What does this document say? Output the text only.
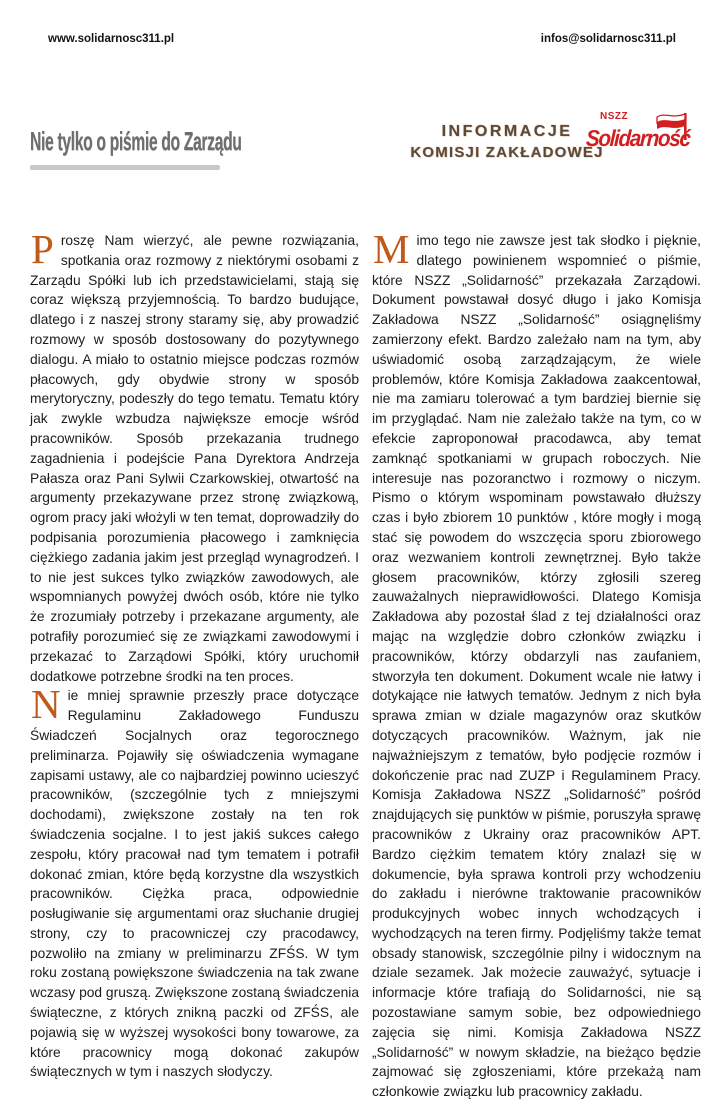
www.solidarnosc311.pl	infos@solidarnosc311.pl
Nie tylko o piśmie do Zarządu	INFORMACJE
KOMISJI ZAKŁADOWEJ
NSZZ
Solidarność

Proszę Nam wierzyć, ale pewne rozwiązania, spotkania oraz rozmowy z niektórymi osobami z Zarządu Spółki lub ich przedstawicielami, stają się coraz większą przyjemnością. To bardzo budujące, dlatego i z naszej strony staramy się, aby prowadzić rozmowy w sposób dostosowany do pozytywnego dialogu. A miało to ostatnio miejsce podczas rozmów płacowych, gdy obydwie strony w sposób merytoryczny, podeszły do tego tematu. Tematu który jak zwykle wzbudza największe emocje wśród pracowników. Sposób przekazania trudnego zagadnienia i podejście Pana Dyrektora Andrzeja Pałasza oraz Pani Sylwii Czarkowskiej, otwartość na argumenty przekazywane przez stronę związkową, ogrom pracy jaki włożyli w ten temat, doprowadziły do podpisania porozumienia płacowego i zamknięcia ciężkiego zadania jakim jest przegląd wynagrodzeń. I to nie jest sukces tylko związków zawodowych, ale wspomnianych powyżej dwóch osób, które nie tylko że zrozumiały potrzeby i przekazane argumenty, ale potrafiły porozumieć się ze związkami zawodowymi i przekazać to Zarządowi Spółki, który uruchomił dodatkowe potrzebne środki na ten proces.

Nie mniej sprawnie przeszły prace dotyczące Regulaminu Zakładowego Funduszu Świadczeń Socjalnych oraz tegorocznego preliminarza. Pojawiły się oświadczenia wymagane zapisami ustawy, ale co najbardziej powinno ucieszyć pracowników, (szczególnie tych z mniejszymi dochodami), zwiększone zostały na ten rok świadczenia socjalne. I to jest jakiś sukces całego zespołu, który pracował nad tym tematem i potrafił dokonać zmian, które będą korzystne dla wszystkich pracowników. Ciężka praca, odpowiednie posługiwanie się argumentami oraz słuchanie drugiej strony, czy to pracowniczej czy pracodawcy, pozwoliło na zmiany w preliminarzu ZFŚS. W tym roku zostaną powiększone świadczenia na tak zwane wczasy pod gruszą. Zwiększone zostaną świadczenia świąteczne, z których znikną paczki od ZFŚS, ale pojawią się w wyższej wysokości bony towarowe, za które pracownicy mogą dokonać zakupów świątecznych w tym i naszych słodyczy.

Mimo tego nie zawsze jest tak słodko i pięknie, dlatego powinienem wspomnieć o piśmie, które NSZZ „Solidarność” przekazała Zarządowi. Dokument powstawał dosyć długo i jako Komisja Zakładowa NSZZ „Solidarność” osiągnęliśmy zamierzony efekt. Bardzo zależało nam na tym, aby uświadomić osobą zarządzającym, że wiele problemów, które Komisja Zakładowa zaakcentował, nie ma zamiaru tolerować a tym bardziej biernie się im przyglądać. Nam nie zależało także na tym, co w efekcie zaproponował pracodawca, aby temat zamknąć spotkaniami w grupach roboczych. Nie interesuje nas pozoranctwo i rozmowy o niczym. Pismo o którym wspominam powstawało dłuższy czas i było zbiorem 10 punktów , które mogły i mogą stać się powodem do wszczęcia sporu zbiorowego oraz wezwaniem kontroli zewnętrznej. Było także głosem pracowników, którzy zgłosili szereg zauważalnych nieprawidłowości. Dlatego Komisja Zakładowa aby pozostał ślad z tej działalności oraz mając na względzie dobro członków związku i pracowników, którzy obdarzyli nas zaufaniem, stworzyła ten dokument. Dokument wcale nie łatwy i dotykające nie łatwych tematów. Jednym z nich była sprawa zmian w dziale magazynów oraz skutków dotyczących pracowników. Ważnym, jak nie najważniejszym z tematów, było podjęcie rozmów i dokończenie prac nad ZUZP i Regulaminem Pracy. Komisja Zakładowa NSZZ „Solidarność” pośród znajdujących się punktów w piśmie, poruszyła sprawę pracowników z Ukrainy oraz pracowników APT. Bardzo ciężkim tematem który znalazł się w dokumencie, była sprawa kontroli przy wchodzeniu do zakładu i nierówne traktowanie pracowników produkcyjnych wobec innych wchodzących i wychodzących na teren firmy. Podjęliśmy także temat obsady stanowisk, szczególnie pilny i widocznym na dziale sezamek. Jak możecie zauważyć, sytuacje i informacje które trafiają do Solidarności, nie są pozostawiane samym sobie, bez odpowiedniego zajęcia się nimi. Komisja Zakładowa NSZZ „Solidarność” w nowym składzie, na bieżąco będzie zajmować się zgłoszeniami, które przekażą nam członkowie związku lub pracownicy zakładu.
